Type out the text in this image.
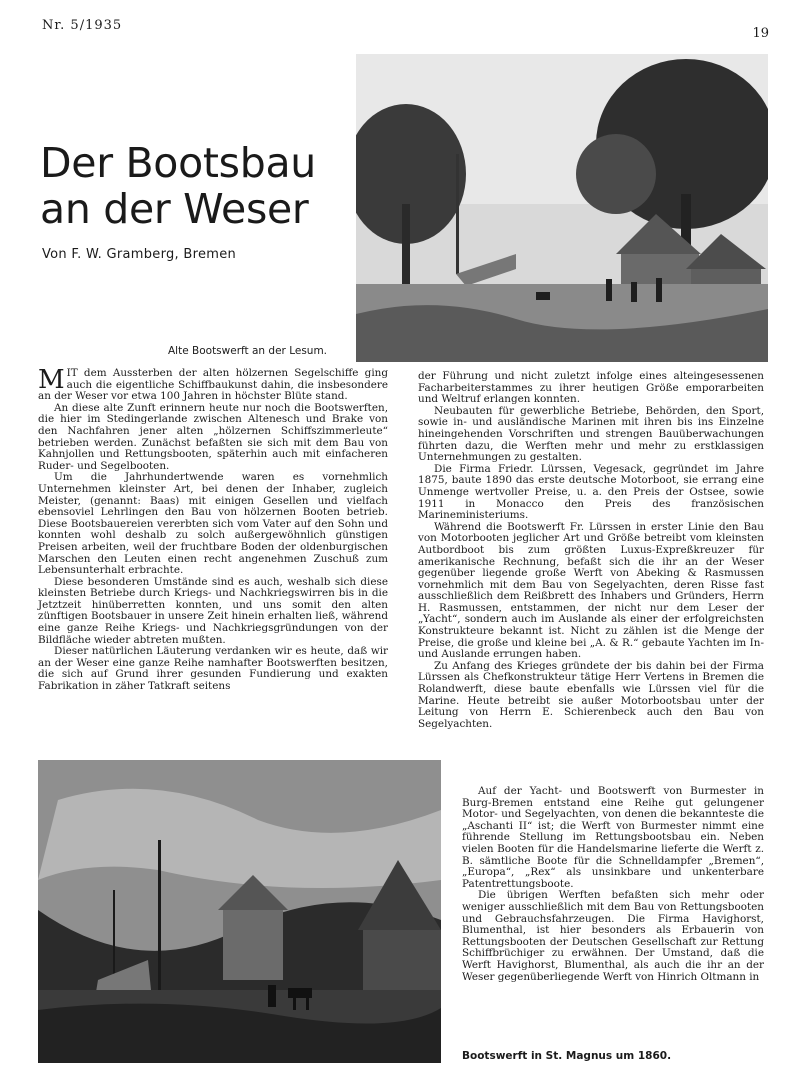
Nr. 5/1935
19
Der Bootsbau an der Weser
Von F. W. Gramberg, Bremen
Alte Bootswerft an der Lesum.

MIT dem Aussterben der alten hölzernen Segelschiffe ging auch die eigentliche Schiffbaukunst dahin, die insbesondere an der Weser vor etwa 100 Jahren in höchster Blüte stand.

An diese alte Zunft erinnern heute nur noch die Bootswerften, die hier im Stedingerlande zwischen Altenesch und Brake von den Nachfahren jener alten „hölzernen Schiffszimmerleute“ betrieben werden. Zunächst befaßten sie sich mit dem Bau von Kahnjollen und Rettungsbooten, späterhin auch mit einfacheren Ruder- und Segelbooten.

Um die Jahrhundertwende waren es vornehmlich Unternehmen kleinster Art, bei denen der Inhaber, zugleich Meister, (genannt: Baas) mit einigen Gesellen und vielfach ebensoviel Lehrlingen den Bau von hölzernen Booten betrieb. Diese Bootsbauereien vererbten sich vom Vater auf den Sohn und konnten wohl deshalb zu solch außergewöhnlich günstigen Preisen arbeiten, weil der fruchtbare Boden der oldenburgischen Marschen den Leuten einen recht angenehmen Zuschuß zum Lebensunterhalt erbrachte.

Diese besonderen Umstände sind es auch, weshalb sich diese kleinsten Betriebe durch Kriegs- und Nachkriegswirren bis in die Jetztzeit hinüberretten konnten, und uns somit den alten zünftigen Bootsbauer in unsere Zeit hinein erhalten ließ, während eine ganze Reihe Kriegs- und Nachkriegsgründungen von der Bildfläche wieder abtreten mußten.

Dieser natürlichen Läuterung verdanken wir es heute, daß wir an der Weser eine ganze Reihe namhafter Bootswerften besitzen, die sich auf Grund ihrer gesunden Fundierung und exakten Fabrikation in zäher Tatkraft seitens

der Führung und nicht zuletzt infolge eines alteingesessenen Facharbeiterstammes zu ihrer heutigen Größe emporarbeiten und Weltruf erlangen konnten.

Neubauten für gewerbliche Betriebe, Behörden, den Sport, sowie in- und ausländische Marinen mit ihren bis ins Einzelne hineingehenden Vorschriften und strengen Bauüberwachungen führten dazu, die Werften mehr und mehr zu erstklassigen Unternehmungen zu gestalten.

Die Firma Friedr. Lürssen, Vegesack, gegründet im Jahre 1875, baute 1890 das erste deutsche Motorboot, sie errang eine Unmenge wertvoller Preise, u. a. den Preis der Ostsee, sowie 1911 in Monacco den Preis des französischen Marineministeriums.

Während die Bootswerft Fr. Lürssen in erster Linie den Bau von Motorbooten jeglicher Art und Größe betreibt vom kleinsten Autbordboot bis zum größten Luxus-Expreßkreuzer für amerikanische Rechnung, befaßt sich die ihr an der Weser gegenüber liegende große Werft von Abeking & Rasmussen vornehmlich mit dem Bau von Segelyachten, deren Risse fast ausschließlich dem Reißbrett des Inhabers und Gründers, Herrn H. Rasmussen, entstammen, der nicht nur dem Leser der „Yacht“, sondern auch im Auslande als einer der erfolgreichsten Konstrukteure bekannt ist. Nicht zu zählen ist die Menge der Preise, die große und kleine bei „A. & R.“ gebaute Yachten im In- und Auslande errungen haben.

Zu Anfang des Krieges gründete der bis dahin bei der Firma Lürssen als Chefkonstrukteur tätige Herr Vertens in Bremen die Rolandwerft, diese baute ebenfalls wie Lürssen viel für die Marine. Heute betreibt sie außer Motorbootsbau unter der Leitung von Herrn E. Schierenbeck auch den Bau von Segelyachten.

Auf der Yacht- und Bootswerft von Burmester in Burg-Bremen entstand eine Reihe gut gelungener Motor- und Segelyachten, von denen die bekannteste die „Aschanti II“ ist; die Werft von Burmester nimmt eine führende Stellung im Rettungsbootsbau ein. Neben vielen Booten für die Handelsmarine lieferte die Werft z. B. sämtliche Boote für die Schnelldampfer „Bremen“, „Europa“, „Rex“ als unsinkbare und unkenterbare Patentrettungsboote.

Die übrigen Werften befaßten sich mehr oder weniger ausschließlich mit dem Bau von Rettungsbooten und Gebrauchsfahrzeugen. Die Firma Havighorst, Blumenthal, ist hier besonders als Erbauerin von Rettungsbooten der Deutschen Gesellschaft zur Rettung Schiffbrüchiger zu erwähnen. Der Umstand, daß die Werft Havighorst, Blumenthal, als auch die ihr an der Weser gegenüberliegende Werft von Hinrich Oltmann in

Bootswerft in St. Magnus um 1860.
